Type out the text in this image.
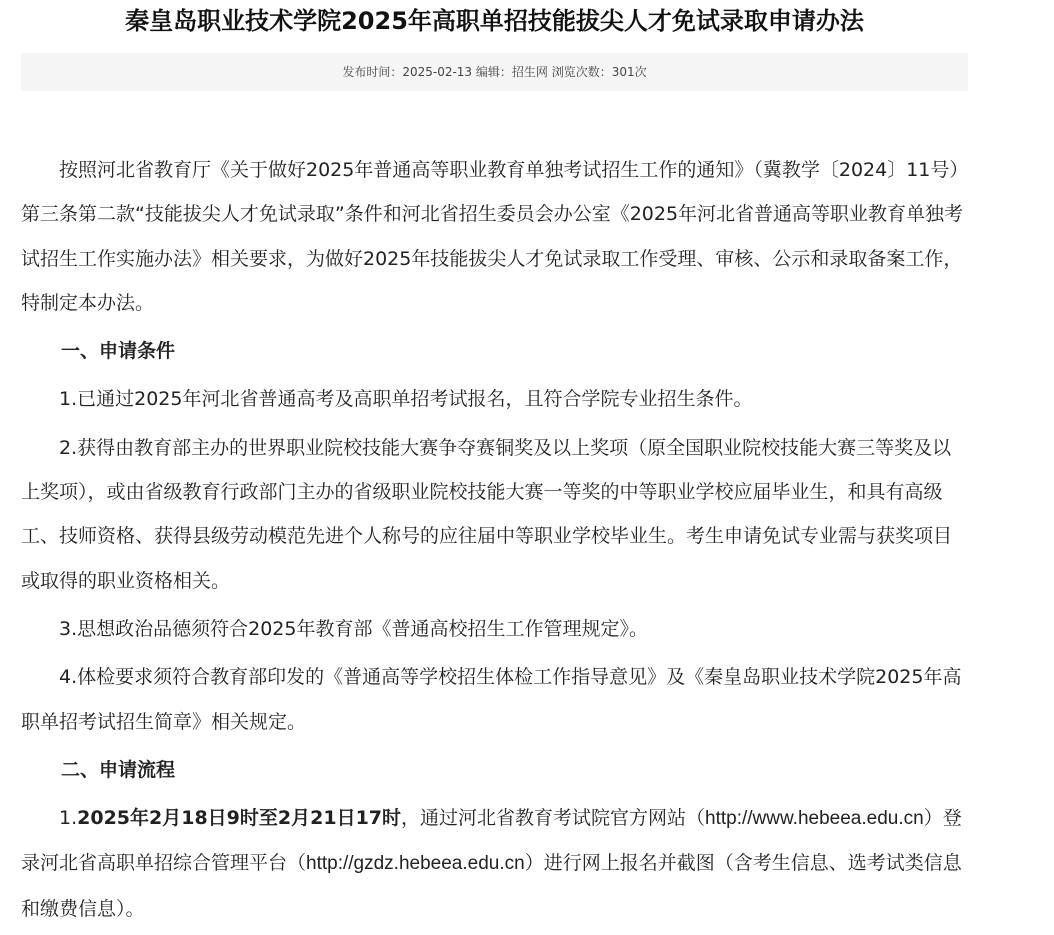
秦皇岛职业技术学院2025年高职单招技能拔尖人才免试录取申请办法
发布时间：2025-02-13 编辑：招生网 浏览次数：301次

按照河北省教育厅《关于做好2025年普通高等职业教育单独考试招生工作的通知》（冀教学〔2024〕11号）第三条第二款“技能拔尖人才免试录取”条件和河北省招生委员会办公室《2025年河北省普通高等职业教育单独考试招生工作实施办法》相关要求，为做好2025年技能拔尖人才免试录取工作受理、审核、公示和录取备案工作，特制定本办法。

一、申请条件

1.已通过2025年河北省普通高考及高职单招考试报名，且符合学院专业招生条件。

2.获得由教育部主办的世界职业院校技能大赛争夺赛铜奖及以上奖项（原全国职业院校技能大赛三等奖及以上奖项），或由省级教育行政部门主办的省级职业院校技能大赛一等奖的中等职业学校应届毕业生，和具有高级工、技师资格、获得县级劳动模范先进个人称号的应往届中等职业学校毕业生。考生申请免试专业需与获奖项目或取得的职业资格相关。

3.思想政治品德须符合2025年教育部《普通高校招生工作管理规定》。

4.体检要求须符合教育部印发的《普通高等学校招生体检工作指导意见》及《秦皇岛职业技术学院2025年高职单招考试招生简章》相关规定。

二、申请流程

1.2025年2月18日9时至2月21日17时，通过河北省教育考试院官方网站（http://www.hebeea.edu.cn）登录河北省高职单招综合管理平台（http://gzdz.hebeea.edu.cn）进行网上报名并截图（含考生信息、选考试类信息和缴费信息）。
